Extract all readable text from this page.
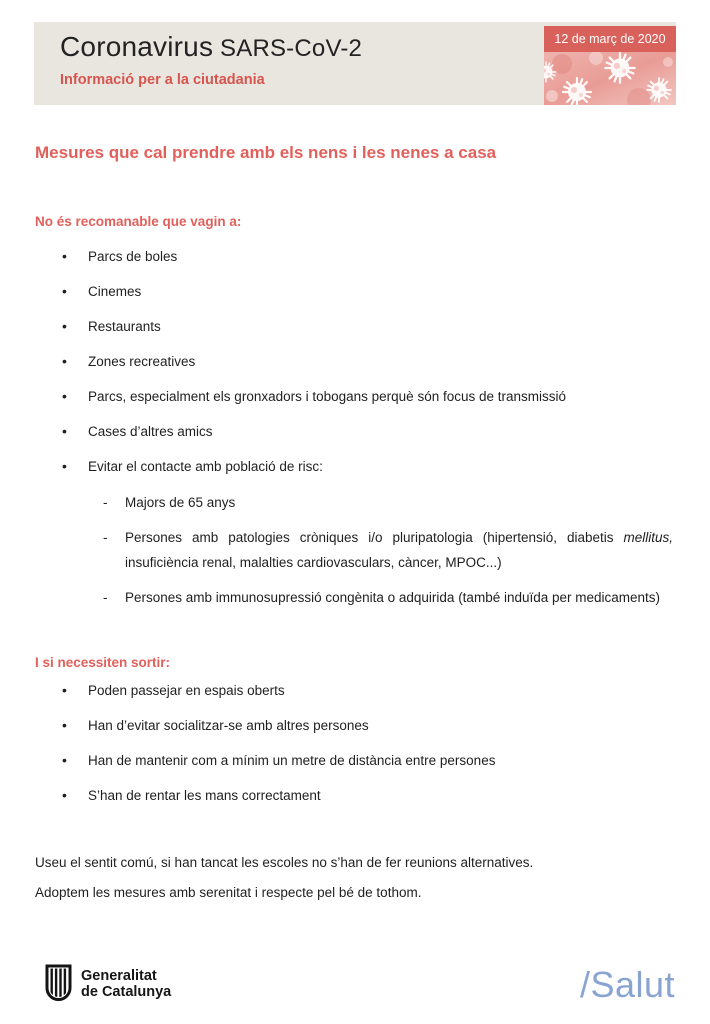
Coronavirus SARS-CoV-2
Informació per a la ciutadania
12 de març de 2020
Mesures que cal prendre amb els nens i les nenes a casa
No és recomanable que vagin a:
• Parcs de boles
• Cinemes
• Restaurants
• Zones recreatives
• Parcs, especialment els gronxadors i tobogans perquè són focus de transmissió
• Cases d’altres amics
• Evitar el contacte amb població de risc:
- Majors de 65 anys
- Persones amb patologies cròniques i/o pluripatologia (hipertensió, diabetis mellitus, insuficiència renal, malalties cardiovasculars, càncer, MPOC...)
- Persones amb immunosupressió congènita o adquirida (també induïda per medicaments)
I si necessiten sortir:
• Poden passejar en espais oberts
• Han d’evitar socialitzar-se amb altres persones
• Han de mantenir com a mínim un metre de distància entre persones
• S’han de rentar les mans correctament

Useu el sentit comú, si han tancat les escoles no s’han de fer reunions alternatives.

Adoptem les mesures amb serenitat i respecte pel bé de tothom.

Generalitat
de Catalunya	/Salut
